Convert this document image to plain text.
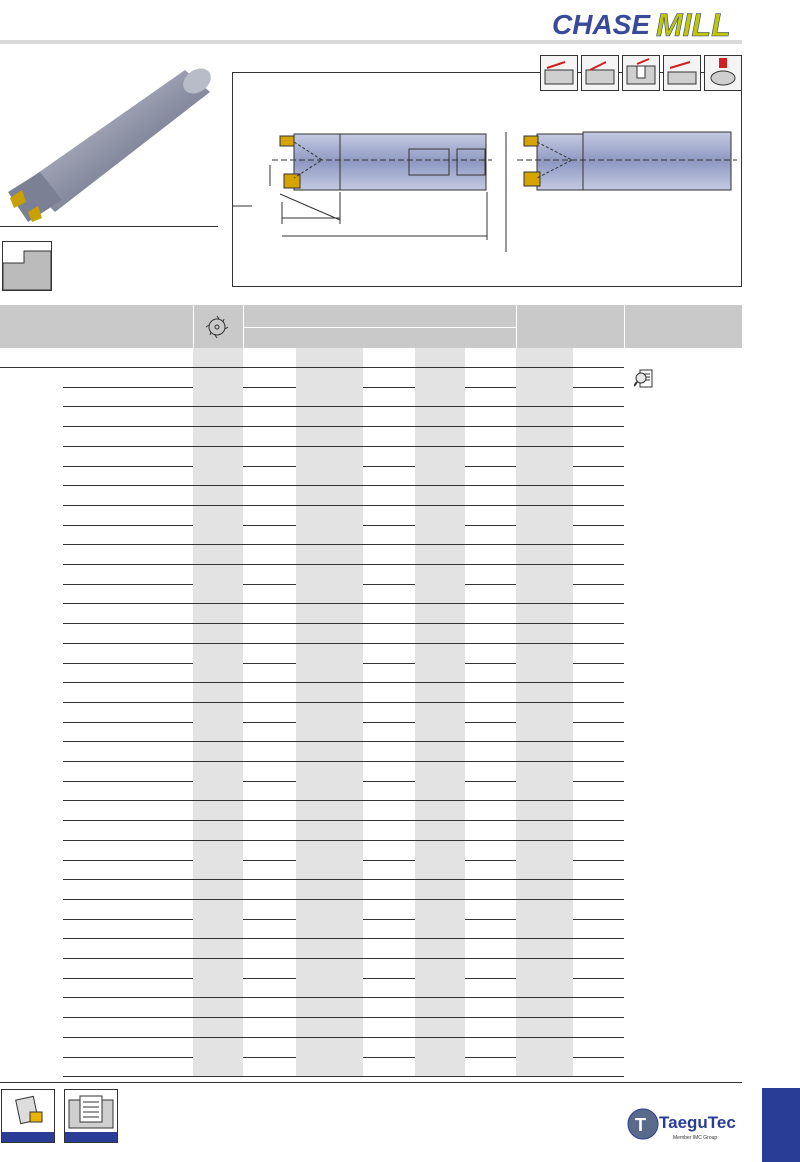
CHASE MILL
T TaeguTec
Member IMC Group
